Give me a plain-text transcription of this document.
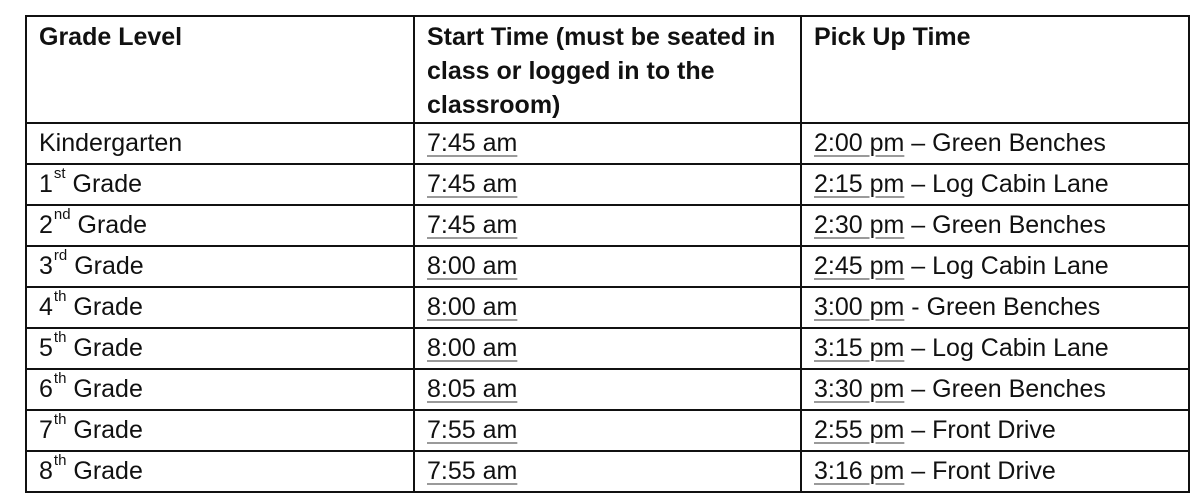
Grade Level	Start Time (must be seated in class or logged in to the classroom)	Pick Up Time
Kindergarten	7:45 am	2:00 pm – Green Benches
1st Grade	7:45 am	2:15 pm – Log Cabin Lane
2nd Grade	7:45 am	2:30 pm – Green Benches
3rd Grade	8:00 am	2:45 pm – Log Cabin Lane
4th Grade	8:00 am	3:00 pm - Green Benches
5th Grade	8:00 am	3:15 pm – Log Cabin Lane
6th Grade	8:05 am	3:30 pm – Green Benches
7th Grade	7:55 am	2:55 pm – Front Drive
8th Grade	7:55 am	3:16 pm – Front Drive
